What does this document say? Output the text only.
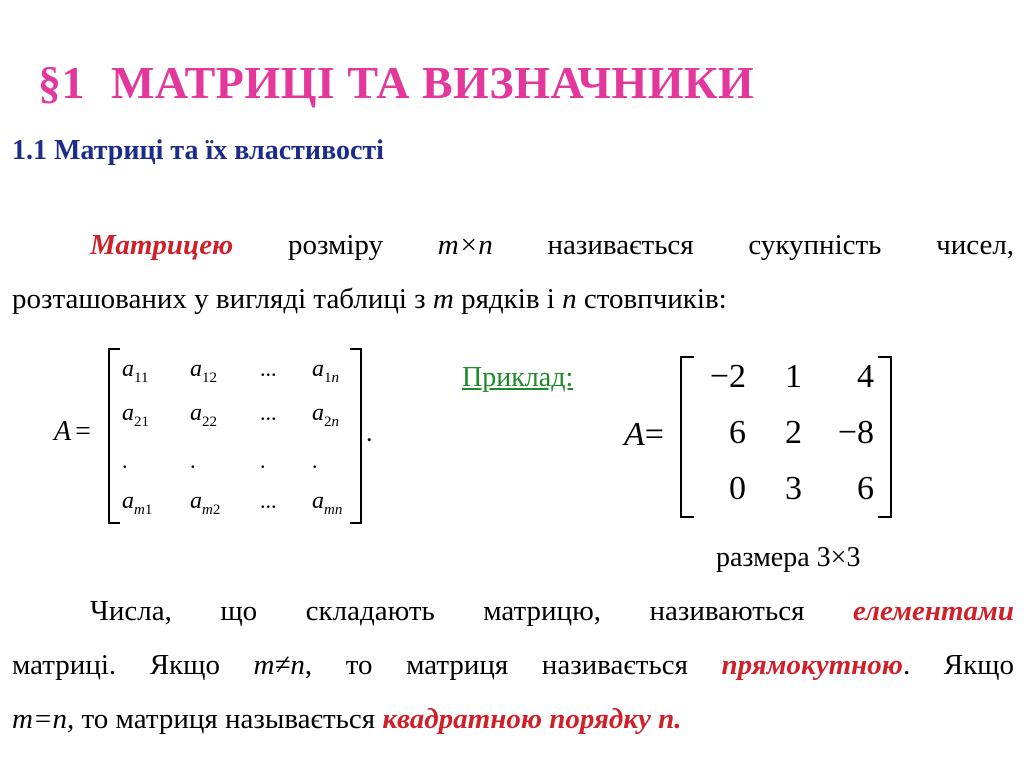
§1 МАТРИЦІ ТА ВИЗНАЧНИКИ
1.1 Матриці та їх властивості
Матрицею розміру m×n називається сукупність чисел,
розташованих у вигляді таблиці з m рядків і n стовпчиків:
A =	.
$a_{11}$ $a_{12}$ ... $a_{1n}$
$a_{21}$ $a_{22}$ ... $a_{2n}$
.	.	. .
$a_{m1}$ $a_{m2}$ ... $a_{mn}$
Приклад:
A=
−2	1	4
6	2	−8
0	3	6
размера 3×3
Числа, що складають матрицю, називаються елементами
матриці. Якщо m≠n, то матриця називається прямокутною. Якщо
m=n, то матриця называється квадратною порядку n.
